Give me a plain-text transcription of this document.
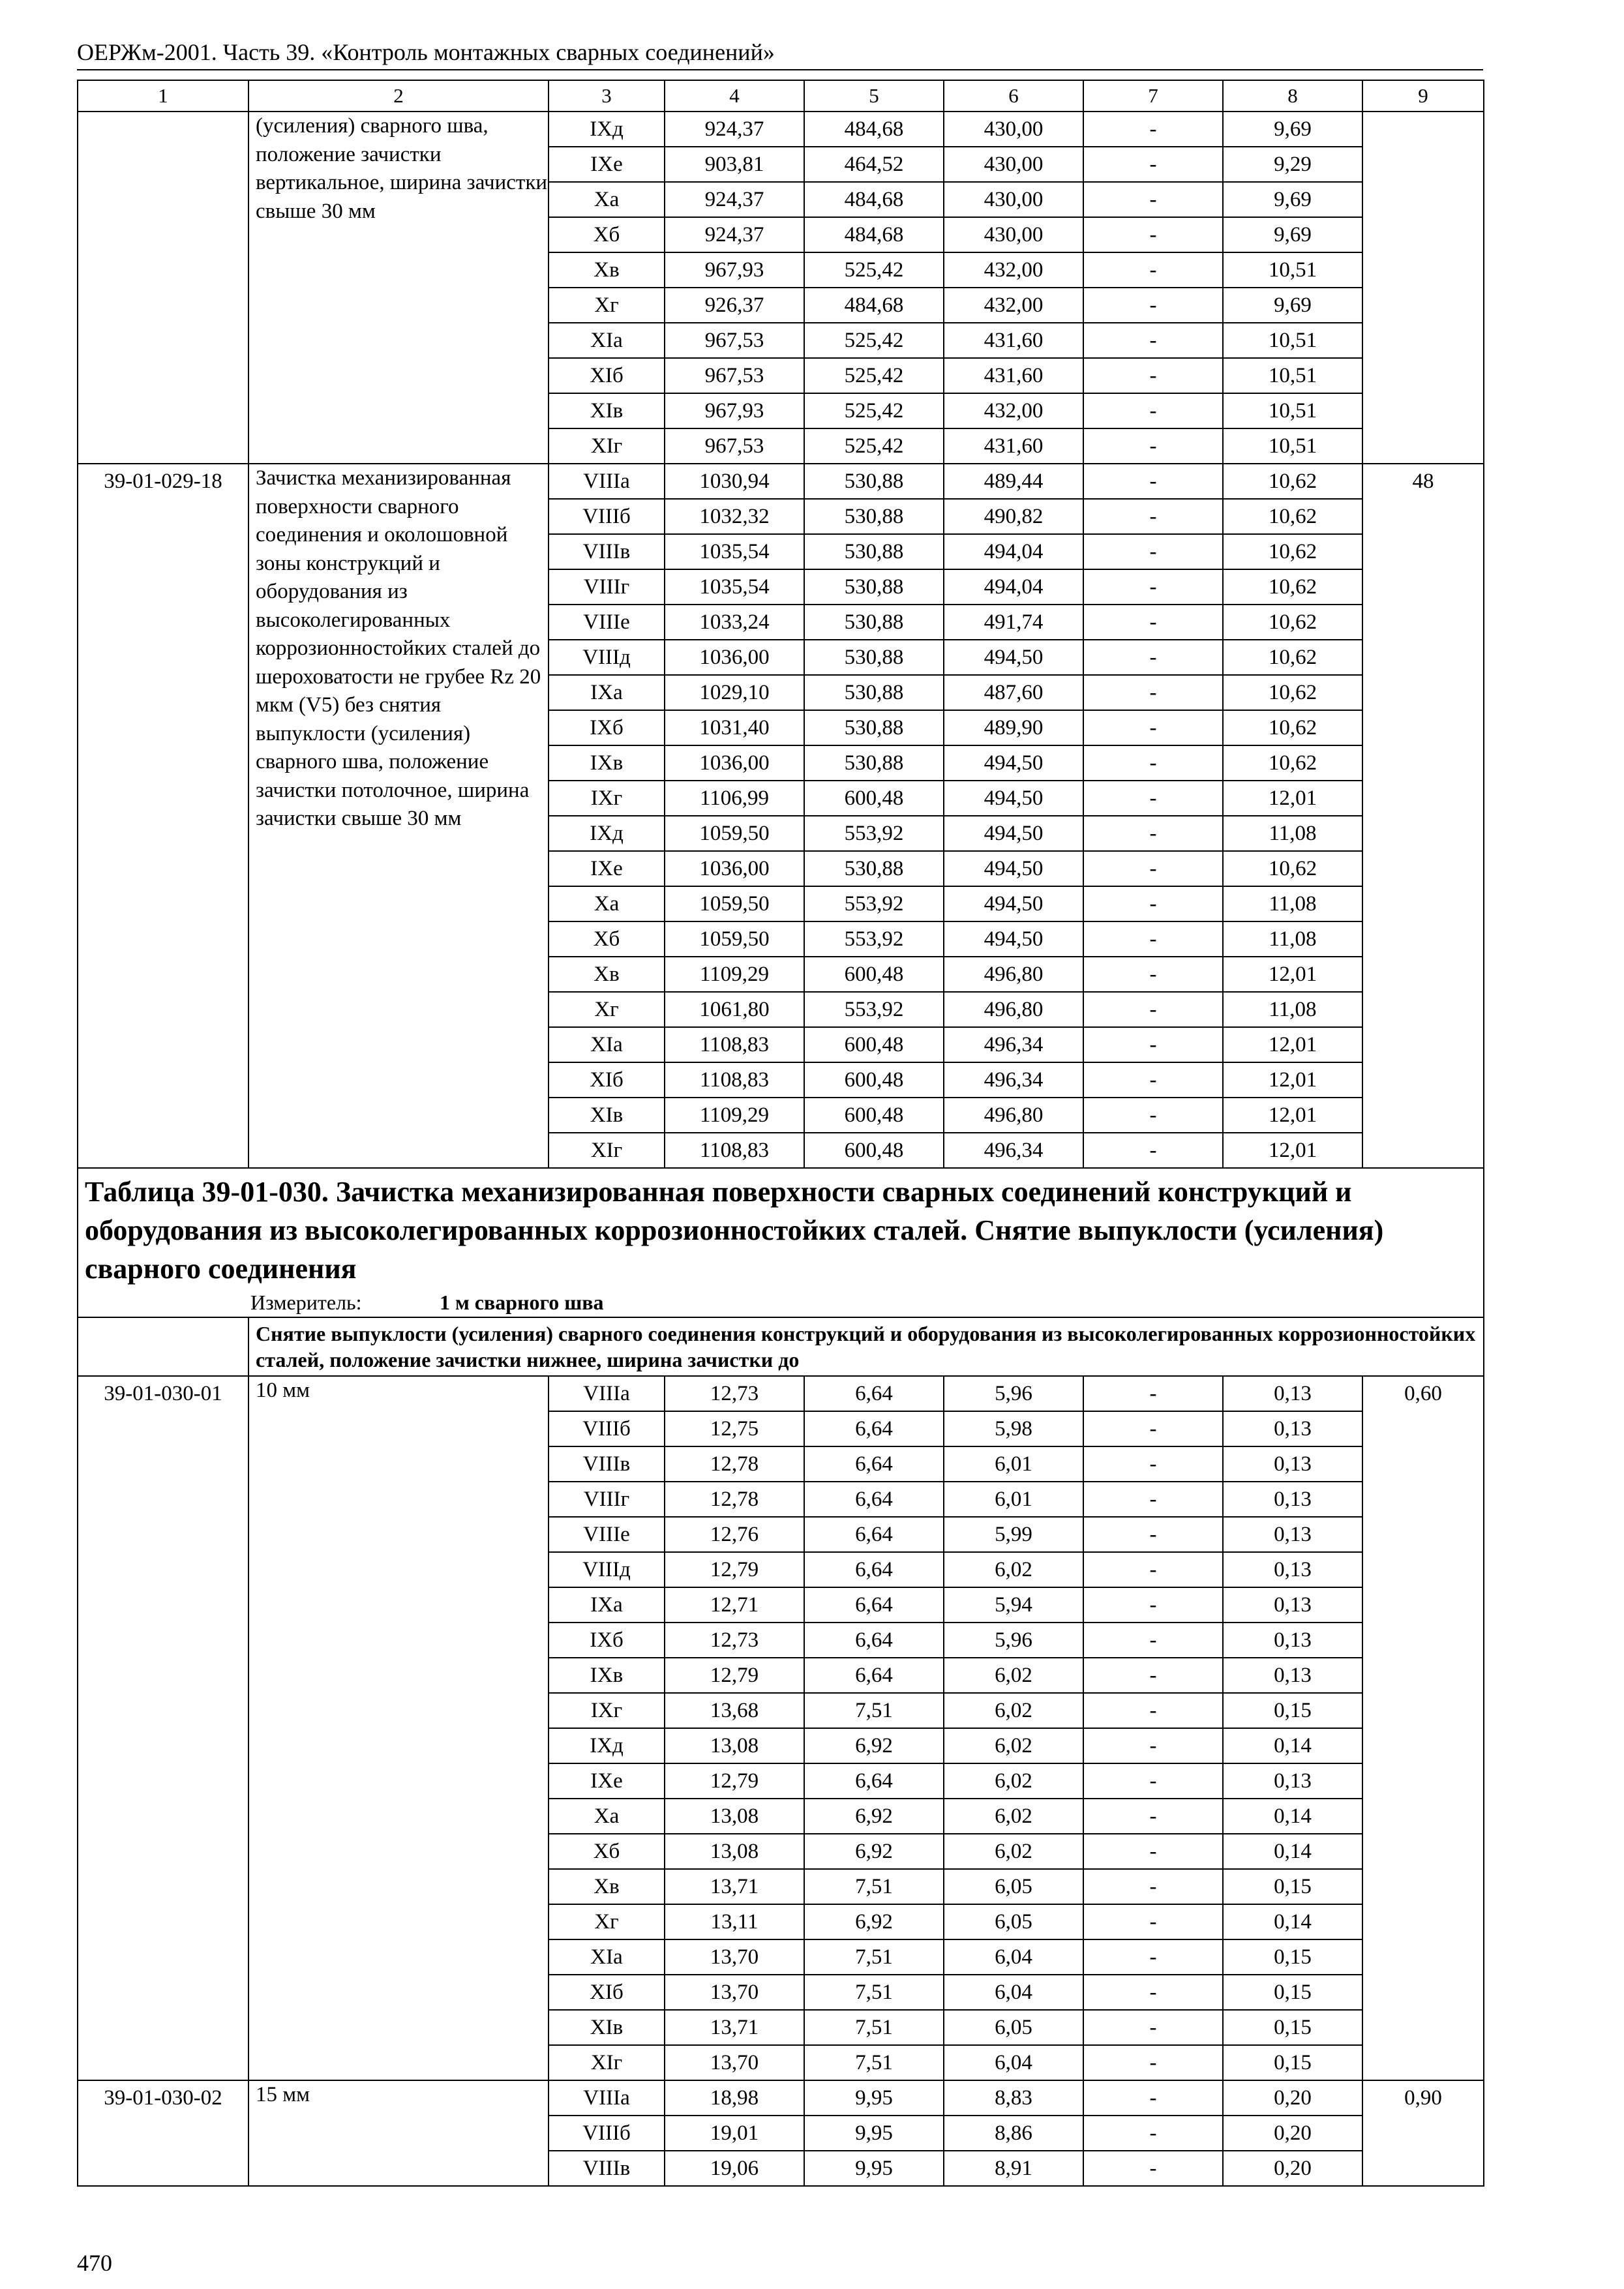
ОЕРЖм-2001. Часть 39. «Контроль монтажных сварных соединений»
1	2	3	4	5	6	7	8	9
	(усиления) сварного шва, положение зачистки вертикальное, ширина зачистки свыше 30 мм	IXд	924,37	484,68	430,00	-	9,69	
		IXе	903,81	464,52	430,00	-	9,29	
		Xа	924,37	484,68	430,00	-	9,69	
		Xб	924,37	484,68	430,00	-	9,69	
		Xв	967,93	525,42	432,00	-	10,51	
		Xг	926,37	484,68	432,00	-	9,69	
		XIа	967,53	525,42	431,60	-	10,51	
		XIб	967,53	525,42	431,60	-	10,51	
		XIв	967,93	525,42	432,00	-	10,51	
		XIг	967,53	525,42	431,60	-	10,51	
39-01-029-18	Зачистка механизированная поверхности сварного соединения и околошовной зоны конструкций и оборудования из высоколегированных коррозионностойких сталей до шероховатости не грубее Rz 20 мкм (V5) без снятия выпуклости (усиления) сварного шва, положение зачистки потолочное, ширина зачистки свыше 30 мм	VIIIа	1030,94	530,88	489,44	-	10,62	48
		VIIIб	1032,32	530,88	490,82	-	10,62	
		VIIIв	1035,54	530,88	494,04	-	10,62	
		VIIIг	1035,54	530,88	494,04	-	10,62	
		VIIIе	1033,24	530,88	491,74	-	10,62	
		VIIIд	1036,00	530,88	494,50	-	10,62	
		IXа	1029,10	530,88	487,60	-	10,62	
		IXб	1031,40	530,88	489,90	-	10,62	
		IXв	1036,00	530,88	494,50	-	10,62	
		IXг	1106,99	600,48	494,50	-	12,01	
		IXд	1059,50	553,92	494,50	-	11,08	
		IXе	1036,00	530,88	494,50	-	10,62	
		Xа	1059,50	553,92	494,50	-	11,08	
		Xб	1059,50	553,92	494,50	-	11,08	
		Xв	1109,29	600,48	496,80	-	12,01	
		Xг	1061,80	553,92	496,80	-	11,08	
		XIа	1108,83	600,48	496,34	-	12,01	
		XIб	1108,83	600,48	496,34	-	12,01	
		XIв	1109,29	600,48	496,80	-	12,01	
		XIг	1108,83	600,48	496,34	-	12,01	

Таблица 39-01-030. Зачистка механизированная поверхности сварных соединений конструкций и оборудования из высоколегированных коррозионностойких сталей. Снятие выпуклости (усиления) сварного соединения
Измеритель: 1 м сварного шва								

	Снятие выпуклости (усиления) сварного соединения конструкций и оборудования из высоколегированных коррозионностойких сталей, положение зачистки нижнее, ширина зачистки до							
39-01-030-01	10 мм	VIIIа	12,73	6,64	5,96	-	0,13	0,60
		VIIIб	12,75	6,64	5,98	-	0,13	
		VIIIв	12,78	6,64	6,01	-	0,13	
		VIIIг	12,78	6,64	6,01	-	0,13	
		VIIIе	12,76	6,64	5,99	-	0,13	
		VIIIд	12,79	6,64	6,02	-	0,13	
		IXа	12,71	6,64	5,94	-	0,13	
		IXб	12,73	6,64	5,96	-	0,13	
		IXв	12,79	6,64	6,02	-	0,13	
		IXг	13,68	7,51	6,02	-	0,15	
		IXд	13,08	6,92	6,02	-	0,14	
		IXе	12,79	6,64	6,02	-	0,13	
		Xа	13,08	6,92	6,02	-	0,14	
		Xб	13,08	6,92	6,02	-	0,14	
		Xв	13,71	7,51	6,05	-	0,15	
		Xг	13,11	6,92	6,05	-	0,14	
		XIа	13,70	7,51	6,04	-	0,15	
		XIб	13,70	7,51	6,04	-	0,15	
		XIв	13,71	7,51	6,05	-	0,15	
		XIг	13,70	7,51	6,04	-	0,15	
39-01-030-02	15 мм	VIIIа	18,98	9,95	8,83	-	0,20	0,90
		VIIIб	19,01	9,95	8,86	-	0,20	
		VIIIв	19,06	9,95	8,91	-	0,20	
470
